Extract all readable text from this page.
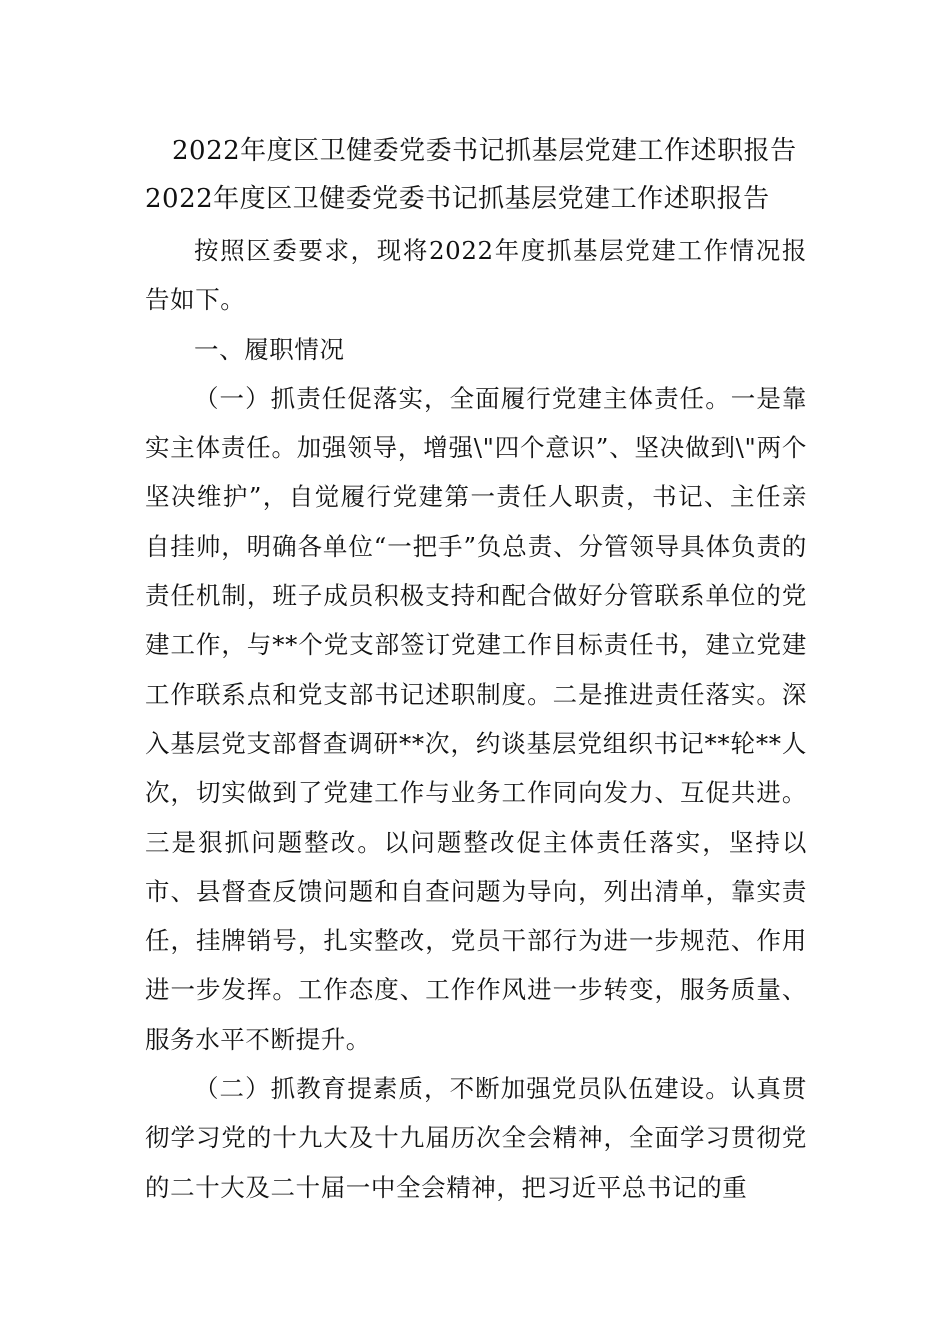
2022年度区卫健委党委书记抓基层党建工作述职报告
2022年度区卫健委党委书记抓基层党建工作述职报告

按照区委要求，现将2022年度抓基层党建工作情况报告如下。

一、履职情况

（一）抓责任促落实，全面履行党建主体责任。一是靠实主体责任。加强领导，增强\"四个意识”、坚决做到\"两个坚决维护”，自觉履行党建第一责任人职责，书记、主任亲自挂帅，明确各单位“一把手”负总责、分管领导具体负责的责任机制，班子成员积极支持和配合做好分管联系单位的党建工作，与**个党支部签订党建工作目标责任书，建立党建工作联系点和党支部书记述职制度。二是推进责任落实。深入基层党支部督查调研**次，约谈基层党组织书记**轮**人次，切实做到了党建工作与业务工作同向发力、互促共进。三是狠抓问题整改。以问题整改促主体责任落实，坚持以市、县督查反馈问题和自查问题为导向，列出清单，靠实责任，挂牌销号，扎实整改，党员干部行为进一步规范、作用进一步发挥。工作态度、工作作风进一步转变，服务质量、服务水平不断提升。

（二）抓教育提素质，不断加强党员队伍建设。认真贯彻学习党的十九大及十九届历次全会精神，全面学习贯彻党的二十大及二十届一中全会精神，把习近平总书记的重
